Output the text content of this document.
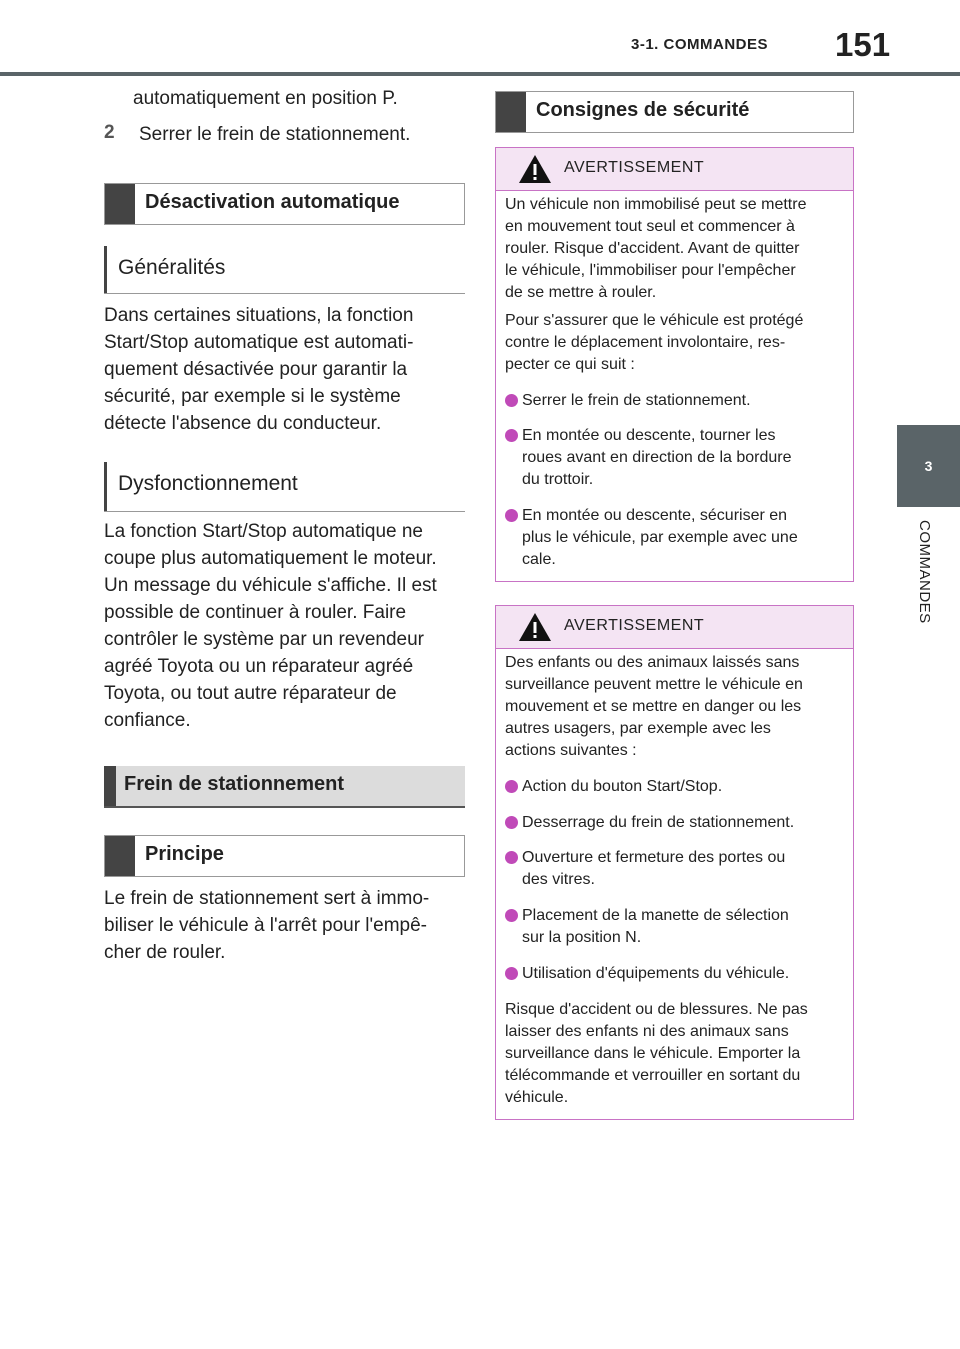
3-1. COMMANDES 151
3
COMMANDES
automatiquement en position P.
2 Serrer le frein de stationnement.
Désactivation automatique
Généralités
Dans certaines situations, la fonction
Start/Stop automatique est automati-
quement désactivée pour garantir la
sécurité, par exemple si le système
détecte l'absence du conducteur.
Dysfonctionnement
La fonction Start/Stop automatique ne
coupe plus automatiquement le moteur.
Un message du véhicule s'affiche. Il est
possible de continuer à rouler. Faire
contrôler le système par un revendeur
agréé Toyota ou un réparateur agréé
Toyota, ou tout autre réparateur de
confiance.
Frein de stationnement
Principe
Le frein de stationnement sert à immo-
biliser le véhicule à l'arrêt pour l'empê-
cher de rouler.
Consignes de sécurité
AVERTISSEMENT
Un véhicule non immobilisé peut se mettre
en mouvement tout seul et commencer à
rouler. Risque d'accident. Avant de quitter
le véhicule, l'immobiliser pour l'empêcher
de se mettre à rouler.
Pour s'assurer que le véhicule est protégé
contre le déplacement involontaire, res-
pecter ce qui suit :
Serrer le frein de stationnement.
En montée ou descente, tourner les
roues avant en direction de la bordure
du trottoir.
En montée ou descente, sécuriser en
plus le véhicule, par exemple avec une
cale.
AVERTISSEMENT
Des enfants ou des animaux laissés sans
surveillance peuvent mettre le véhicule en
mouvement et se mettre en danger ou les
autres usagers, par exemple avec les
actions suivantes :
Action du bouton Start/Stop.
Desserrage du frein de stationnement.
Ouverture et fermeture des portes ou
des vitres.
Placement de la manette de sélection
sur la position N.
Utilisation d'équipements du véhicule.
Risque d'accident ou de blessures. Ne pas
laisser des enfants ni des animaux sans
surveillance dans le véhicule. Emporter la
télécommande et verrouiller en sortant du
véhicule.
